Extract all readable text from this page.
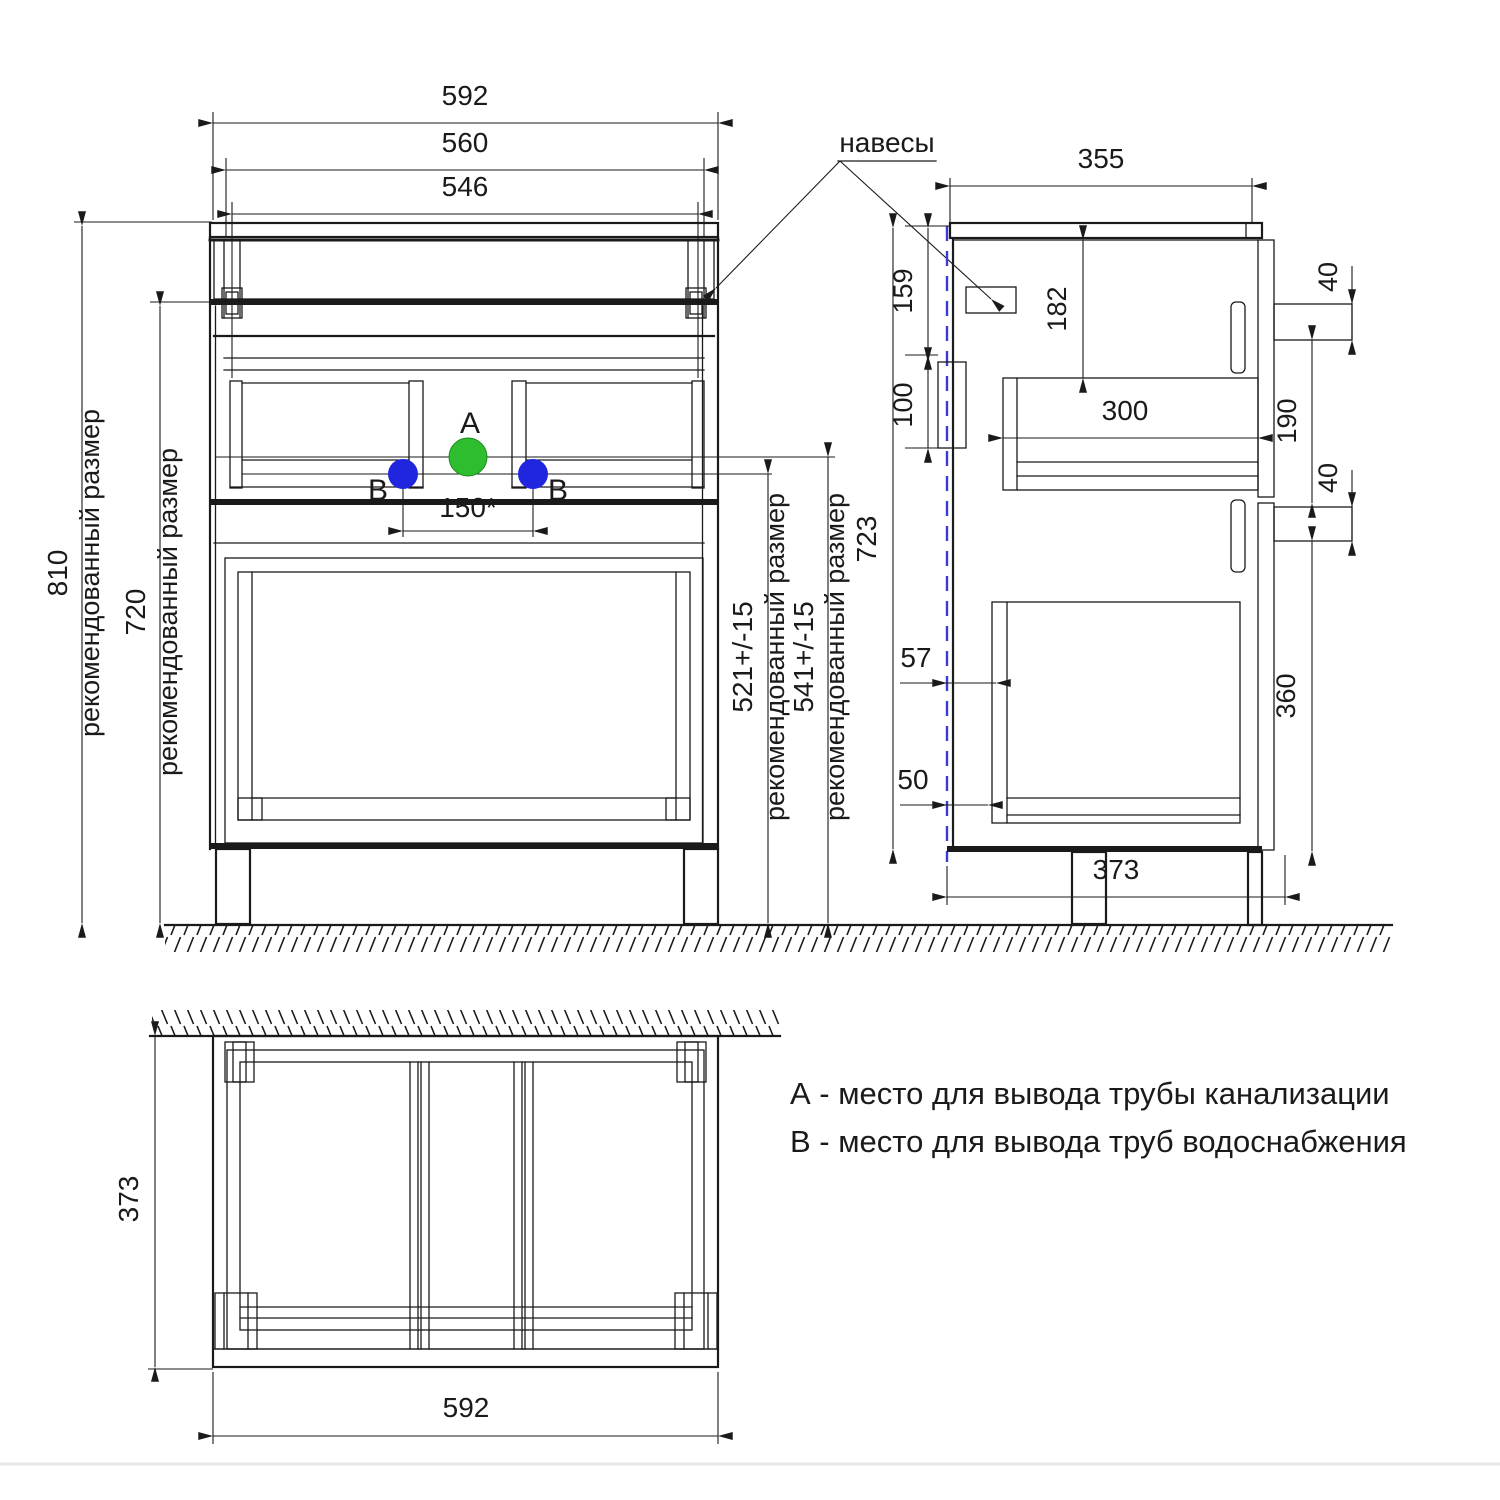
592
560
546
A
B	B
150*
810 рекомендованный размер 720 рекомендованный размер	521+/-15 рекомендованный размер
541+/-15 рекомендованный размер
навесы
355
159
100
182
300
40
190
40
360
57
50
723
373
373
592
А - место для вывода трубы канализации
В - место для вывода труб водоснабжения
